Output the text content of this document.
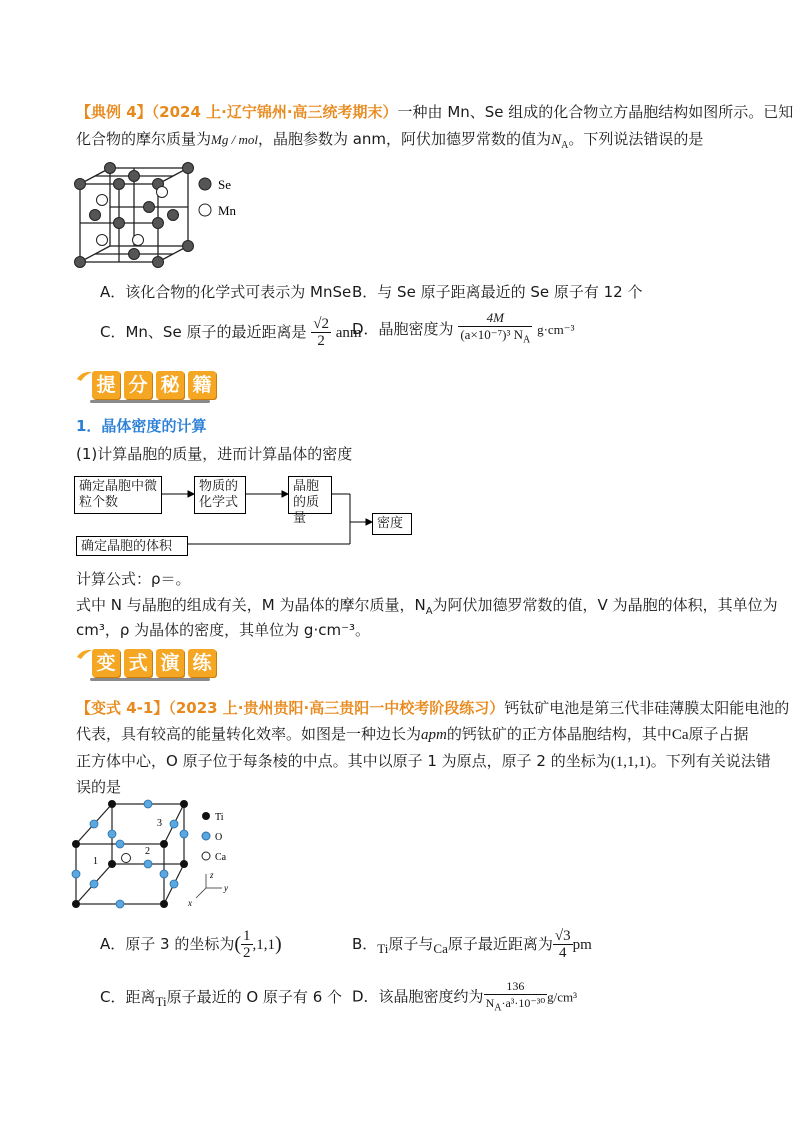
【典例 4】（2024 上·辽宁锦州·高三统考期末）一种由 Mn、Se 组成的化合物立方晶胞结构如图所示。已知
化合物的摩尔质量为Mg / mol，晶胞参数为 anm，阿伏加德罗常数的值为$N_A$。下列说法错误的是
Se
Mn
A．该化合物的化学式可表示为 MnSe B．与 Se 原子距离最近的 Se 原子有 12 个
C．Mn、Se 原子的最近距离是 $\frac{√2}{2}$ anm
D．晶胞密度为 $\frac{4M}{(a\times 10^{-7})^3 N_A} g\cdot cm^{-3}$
提 分 秘 籍
1．晶体密度的计算
(1)计算晶胞的质量，进而计算晶体的密度
确定晶胞中微粒个数
物质的化学式
晶胞的质量	密度
确定晶胞的体积
计算公式：ρ＝。
式中 N 与晶胞的组成有关，M 为晶体的摩尔质量，$N_A$为阿伏加德罗常数的值，V 为晶胞的体积，其单位为
cm³，ρ 为晶体的密度，其单位为 g·cm⁻³。
变 式 演 练
【变式 4-1】（2023 上·贵州贵阳·高三贵阳一中校考阶段练习）钙钛矿电池是第三代非硅薄膜太阳能电池的
代表，具有较高的能量转化效率。如图是一种边长为apm的钙钛矿的正方体晶胞结构，其中Ca原子占据
正方体中心，O 原子位于每条棱的中点。其中以原子 1 为原点，原子 2 的坐标为(1,1,1)。下列有关说法错
误的是
1
2
3
z
y
x
Ti
O
Ca
A．原子 3 的坐标为( $\frac{1}{2} ,1,1$)	B．$_{Ti}$原子与$_{Ca}$原子最近距离为 $\frac{√3}{4}$ pm
C．距离$_{Ti}$原子最近的 O 原子有 6 个 D．该晶胞密度约为 $\frac{136}{N_A\cdot a^3\cdot 10^{-30}} g/cm^3$
